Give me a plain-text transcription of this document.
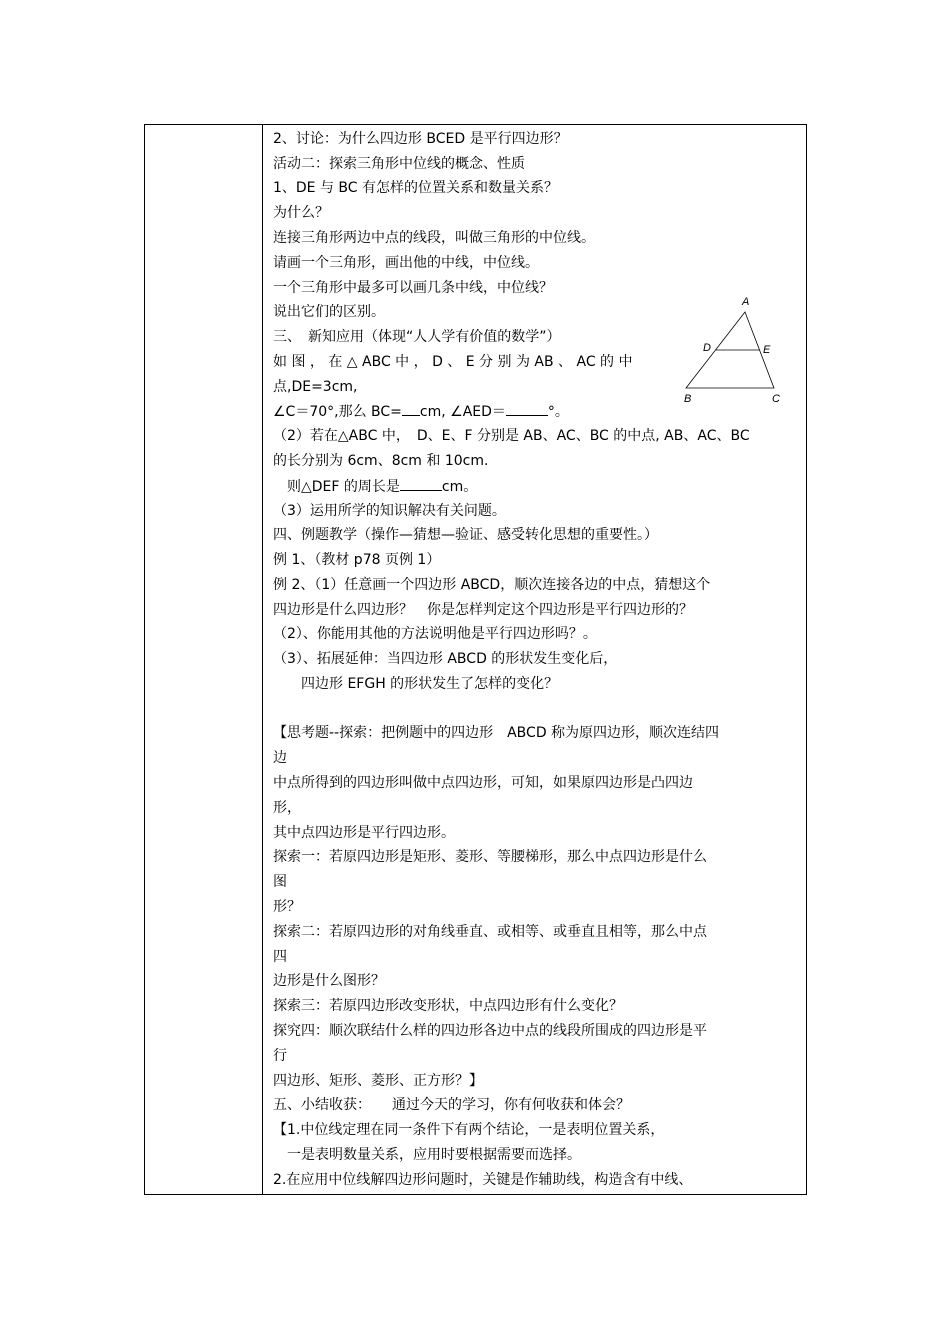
2、讨论：为什么四边形 BCED 是平行四边形？
活动二：探索三角形中位线的概念、性质
1、DE 与 BC 有怎样的位置关系和数量关系？
为什么？
连接三角形两边中点的线段，叫做三角形的中位线。
请画一个三角形，画出他的中线，中位线。
一个三角形中最多可以画几条中线，中位线？
说出它们的区别。
三、　新知应用（体现“人人学有价值的数学”）
如 图 ， 在 △ ABC 中 ， D 、 E 分 别 为 AB 、 AC 的 中
点,DE=3cm,
∠C＝70°,那么 BC= cm, ∠AED＝	°。
（2）若在△ABC 中，　D、E、F 分别是 AB、AC、BC 的中点, AB、AC、BC
的长分别为 6cm、8cm 和 10cm.
　则△DEF 的周长是	cm。
（3）运用所学的知识解决有关问题。
四、例题教学（操作—猜想—验证、感受转化思想的重要性。）
例 1、（教材 p78 页例 1）
例 2、（1）任意画一个四边形 ABCD，顺次连接各边的中点，猜想这个
四边形是什么四边形？　你是怎样判定这个四边形是平行四边形的？
（2）、你能用其他的方法说明他是平行四边形吗？。
（3）、拓展延伸：当四边形 ABCD 的形状发生变化后，
　　四边形 EFGH 的形状发生了怎样的变化？
【思考题--探索：把例题中的四边形　ABCD 称为原四边形，顺次连结四
边
中点所得到的四边形叫做中点四边形，可知，如果原四边形是凸四边
形，
其中点四边形是平行四边形。
探索一：若原四边形是矩形、菱形、等腰梯形，那么中点四边形是什么
图
形？
探索二：若原四边形的对角线垂直、或相等、或垂直且相等，那么中点
四
边形是什么图形？
探索三：若原四边形改变形状，中点四边形有什么变化？
探究四：顺次联结什么样的四边形各边中点的线段所围成的四边形是平
行
四边形、矩形、菱形、正方形？】
五、小结收获：　　通过今天的学习，你有何收获和体会？
【1.中位线定理在同一条件下有两个结论，一是表明位置关系，
　一是表明数量关系，应用时要根据需要而选择。
2.在应用中位线解四边形问题时，关键是作辅助线，构造含有中线、
A
B	C
D	E
